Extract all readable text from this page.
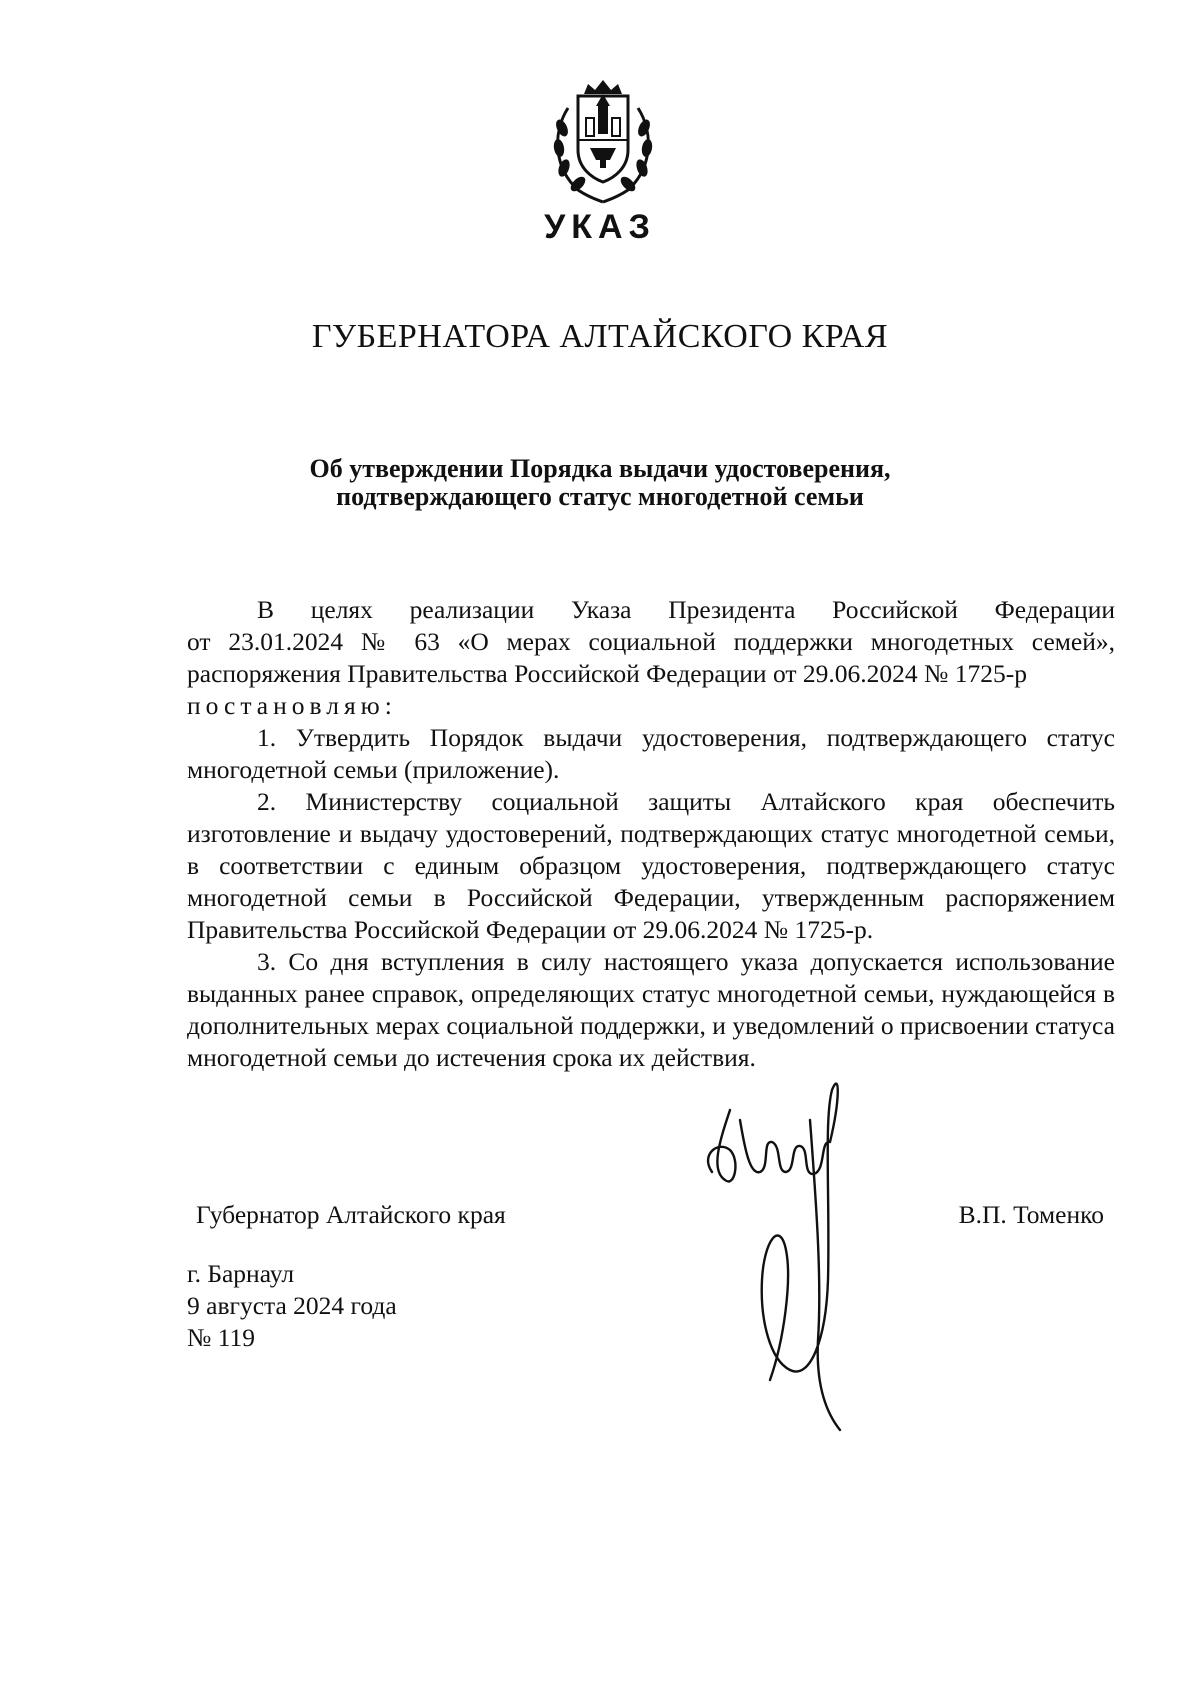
УКАЗ
ГУБЕРНАТОРА АЛТАЙСКОГО КРАЯ
Об утверждении Порядка выдачи удостоверения,
подтверждающего статус многодетной семьи

В целях реализации Указа Президента Российской Федерации

от 23.01.2024 № 63 «О мерах социальной поддержки многодетных семей», распоряжения Правительства Российской Федерации от 29.06.2024 № 1725-р

постановляю:

1. Утвердить Порядок выдачи удостоверения, подтверждающего статус многодетной семьи (приложение).

2. Министерству социальной защиты Алтайского края обеспечить изготовление и выдачу удостоверений, подтверждающих статус многодетной семьи, в соответствии с единым образцом удостоверения, подтверждающего статус многодетной семьи в Российской Федерации, утвержденным распоряжением Правительства Российской Федерации от 29.06.2024 № 1725-р.

3. Со дня вступления в силу настоящего указа допускается использование выданных ранее справок, определяющих статус многодетной семьи, нуждающейся в дополнительных мерах социальной поддержки, и уведомлений о присвоении статуса многодетной семьи до истечения срока их действия.

Губернатор Алтайского края	В.П. Томенко
г. Барнаул
9 августа 2024 года
№ 119
